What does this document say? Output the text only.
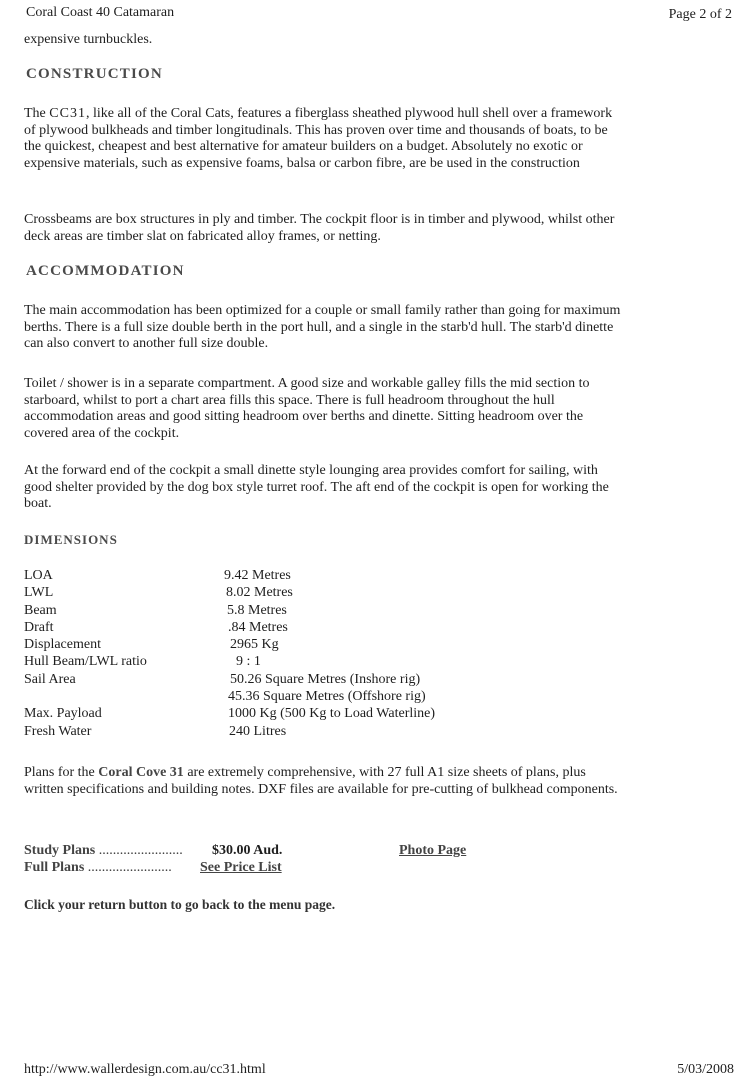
Coral Coast 40 Catamaran	Page 2 of 2

expensive turnbuckles.

CONSTRUCTION

The CC31, like all of the Coral Cats, features a fiberglass sheathed plywood hull shell over a framework of plywood bulkheads and timber longitudinals. This has proven over time and thousands of boats, to be the quickest, cheapest and best alternative for amateur builders on a budget. Absolutely no exotic or expensive materials, such as expensive foams, balsa or carbon fibre, are be used in the construction

Crossbeams are box structures in ply and timber. The cockpit floor is in timber and plywood, whilst other deck areas are timber slat on fabricated alloy frames, or netting.

ACCOMMODATION

The main accommodation has been optimized for a couple or small family rather than going for maximum berths. There is a full size double berth in the port hull, and a single in the starb'd hull. The starb'd dinette can also convert to another full size double.

Toilet / shower is in a separate compartment. A good size and workable galley fills the mid section to starboard, whilst to port a chart area fills this space. There is full headroom throughout the hull accommodation areas and good sitting headroom over berths and dinette. Sitting headroom over the covered area of the cockpit.

At the forward end of the cockpit a small dinette style lounging area provides comfort for sailing, with good shelter provided by the dog box style turret roof. The aft end of the cockpit is open for working the boat.

DIMENSIONS
LOA	9.42 Metres
LWL	8.02 Metres
Beam	5.8 Metres
Draft	.84 Metres
Displacement	2965 Kg
Hull Beam/LWL ratio	9 : 1
Sail Area	50.26 Square Metres (Inshore rig)
45.36 Square Metres (Offshore rig)
Max. Payload	1000 Kg (500 Kg to Load Waterline)
Fresh Water	240 Litres

Plans for the Coral Cove 31 are extremely comprehensive, with 27 full A1 size sheets of plans, plus written specifications and building notes. DXF files are available for pre-cutting of bulkhead components.

Study Plans ........................ $30.00 Aud.	Photo Page
Full Plans ........................ See Price List
Click your return button to go back to the menu page.
http://www.wallerdesign.com.au/cc31.html	5/03/2008
